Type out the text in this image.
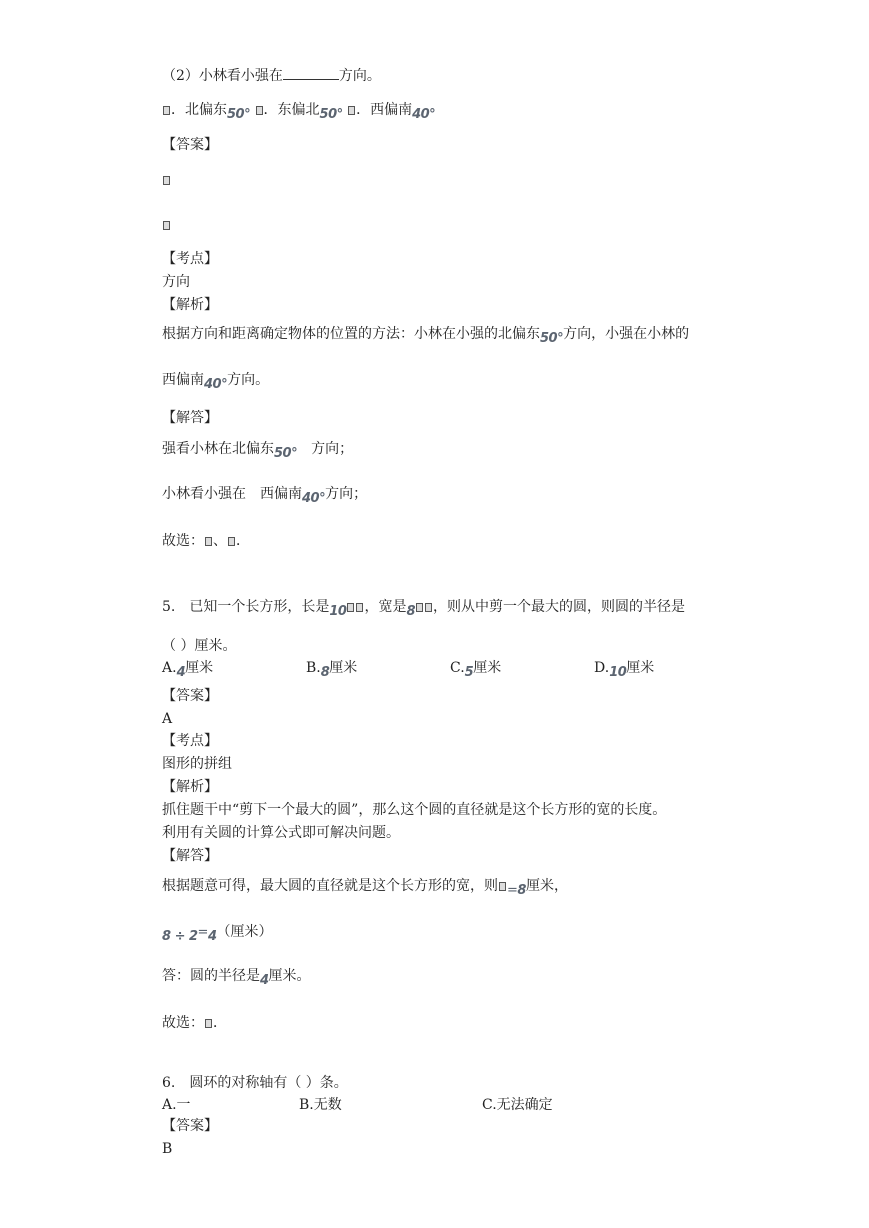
（2）小林看小强在	方向。
．北偏东50° ．东偏北50° ．西偏南40°
【答案】
【考点】
方向
【解析】
根据方向和距离确定物体的位置的方法：小林在小强的北偏东50°方向，小强在小林的
西偏南40°方向。
【解答】
强看小林在北偏东50° 方向；
小林看小强在 西偏南40°方向；
故选： 、 ．
5.　已知一个长方形，长是10 ，宽是8 ，则从中剪一个最大的圆，则圆的半径是
（ ）厘米。
A.4厘米	B.8厘米	C.5厘米	D.10厘米
【答案】
A
【考点】
图形的拼组
【解析】
抓住题干中“剪下一个最大的圆”，那么这个圆的直径就是这个长方形的宽的长度。
利用有关圆的计算公式即可解决问题。
【解答】
根据题意可得，最大圆的直径就是这个长方形的宽，则 =8厘米，
8 ÷ 2=4（厘米）
答：圆的半径是4厘米。
故选： ．
6.　圆环的对称轴有（ ）条。
A.一	B.无数	C.无法确定
【答案】
B
